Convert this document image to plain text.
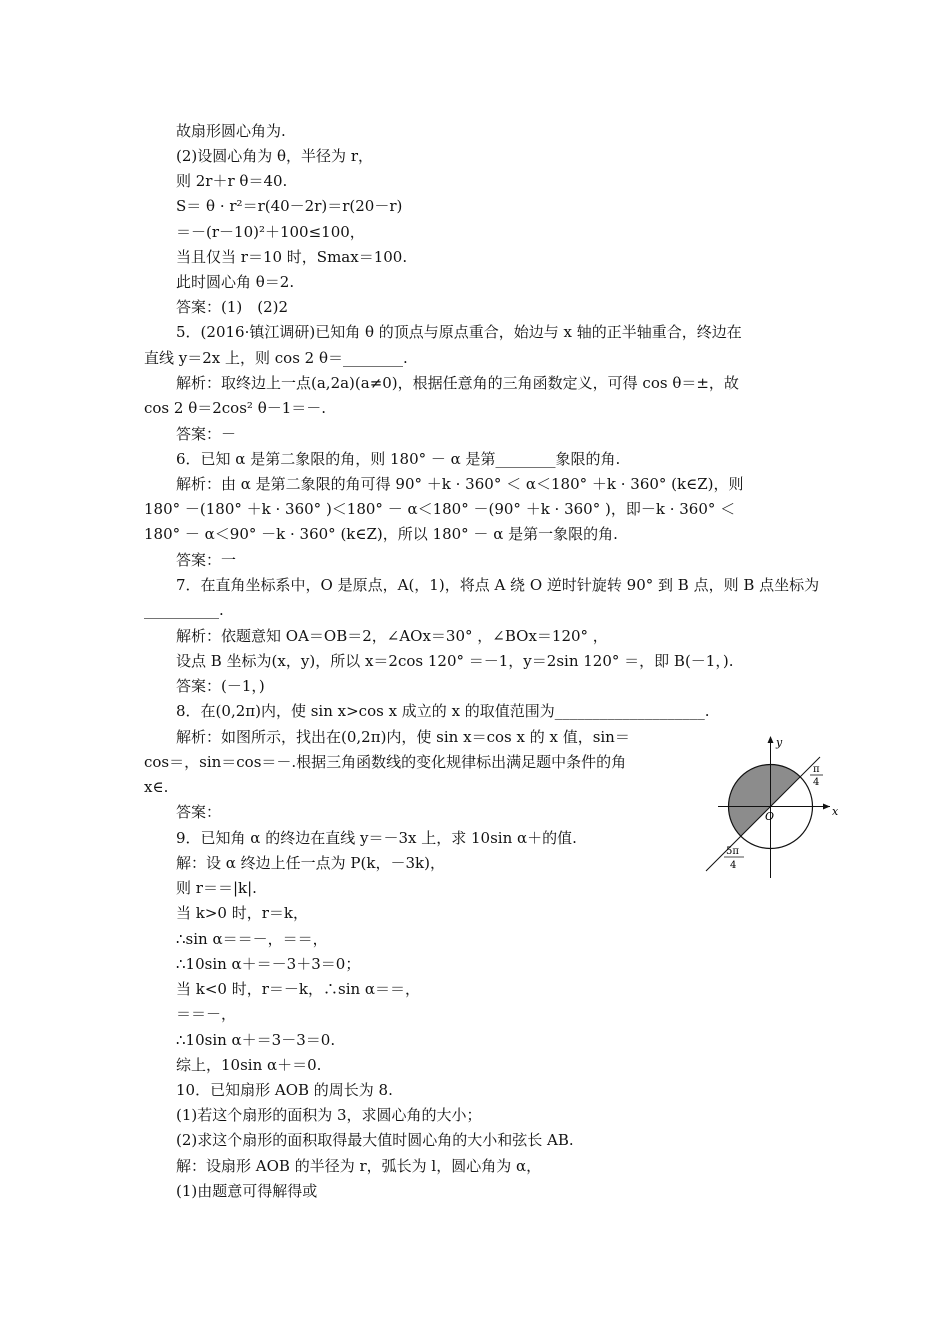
故扇形圆心角为.
(2)设圆心角为 θ，半径为 r，
则 2r＋r θ＝40.
S＝ θ · r²＝r(40－2r)＝r(20－r)
＝－(r－10)²＋100≤100，
当且仅当 r＝10 时，Smax＝100.
此时圆心角 θ＝2.
答案：(1)　(2)2
5．(2016·镇江调研)已知角 θ 的顶点与原点重合，始边与 x 轴的正半轴重合，终边在
直线 y＝2x 上，则 cos 2 θ＝________.
解析：取终边上一点(a,2a)(a≠0)，根据任意角的三角函数定义，可得 cos θ＝±，故
cos 2 θ＝2cos² θ－1＝－.
答案：－
6．已知 α 是第二象限的角，则 180° － α 是第________象限的角.
解析：由 α 是第二象限的角可得 90° ＋k · 360° ＜ α＜180° ＋k · 360° (k∈Z)，则
180° －(180° ＋k · 360° )＜180° － α＜180° －(90° ＋k · 360° )，即－k · 360° ＜
180° － α＜90° －k · 360° (k∈Z)，所以 180° － α 是第一象限的角.
答案：一
7．在直角坐标系中，O 是原点，A(，1)，将点 A 绕 O 逆时针旋转 90° 到 B 点，则 B 点坐标为
__________.
解析：依题意知 OA＝OB＝2，∠AOx＝30° ，∠BOx＝120° ，
设点 B 坐标为(x，y)，所以 x＝2cos 120° ＝－1，y＝2sin 120° ＝，即 B(－1，).
答案：(－1，)
8．在(0,2π)内，使 sin x>cos x 成立的 x 的取值范围为____________________.
解析：如图所示，找出在(0,2π)内，使 sin x＝cos x 的 x 值，sin＝
cos＝，sin＝cos＝－.根据三角函数线的变化规律标出满足题中条件的角
x∈.
答案：
9．已知角 α 的终边在直线 y＝－3x 上，求 10sin α＋的值.
解：设 α 终边上任一点为 P(k，－3k)，
则 r＝＝|k|.
当 k>0 时，r＝k，
∴sin α＝＝－，＝＝，
∴10sin α＋＝－3＋3＝0；
当 k<0 时，r＝－k，∴sin α＝＝，
＝＝－，
∴10sin α＋＝3－3＝0.
综上，10sin α＋＝0.
10．已知扇形 AOB 的周长为 8.
(1)若这个扇形的面积为 3，求圆心角的大小；
(2)求这个扇形的面积取得最大值时圆心角的大小和弦长 AB.
解：设扇形 AOB 的半径为 r，弧长为 l，圆心角为 α，
(1)由题意可得解得或
y
x
O
π
4
5π
4
